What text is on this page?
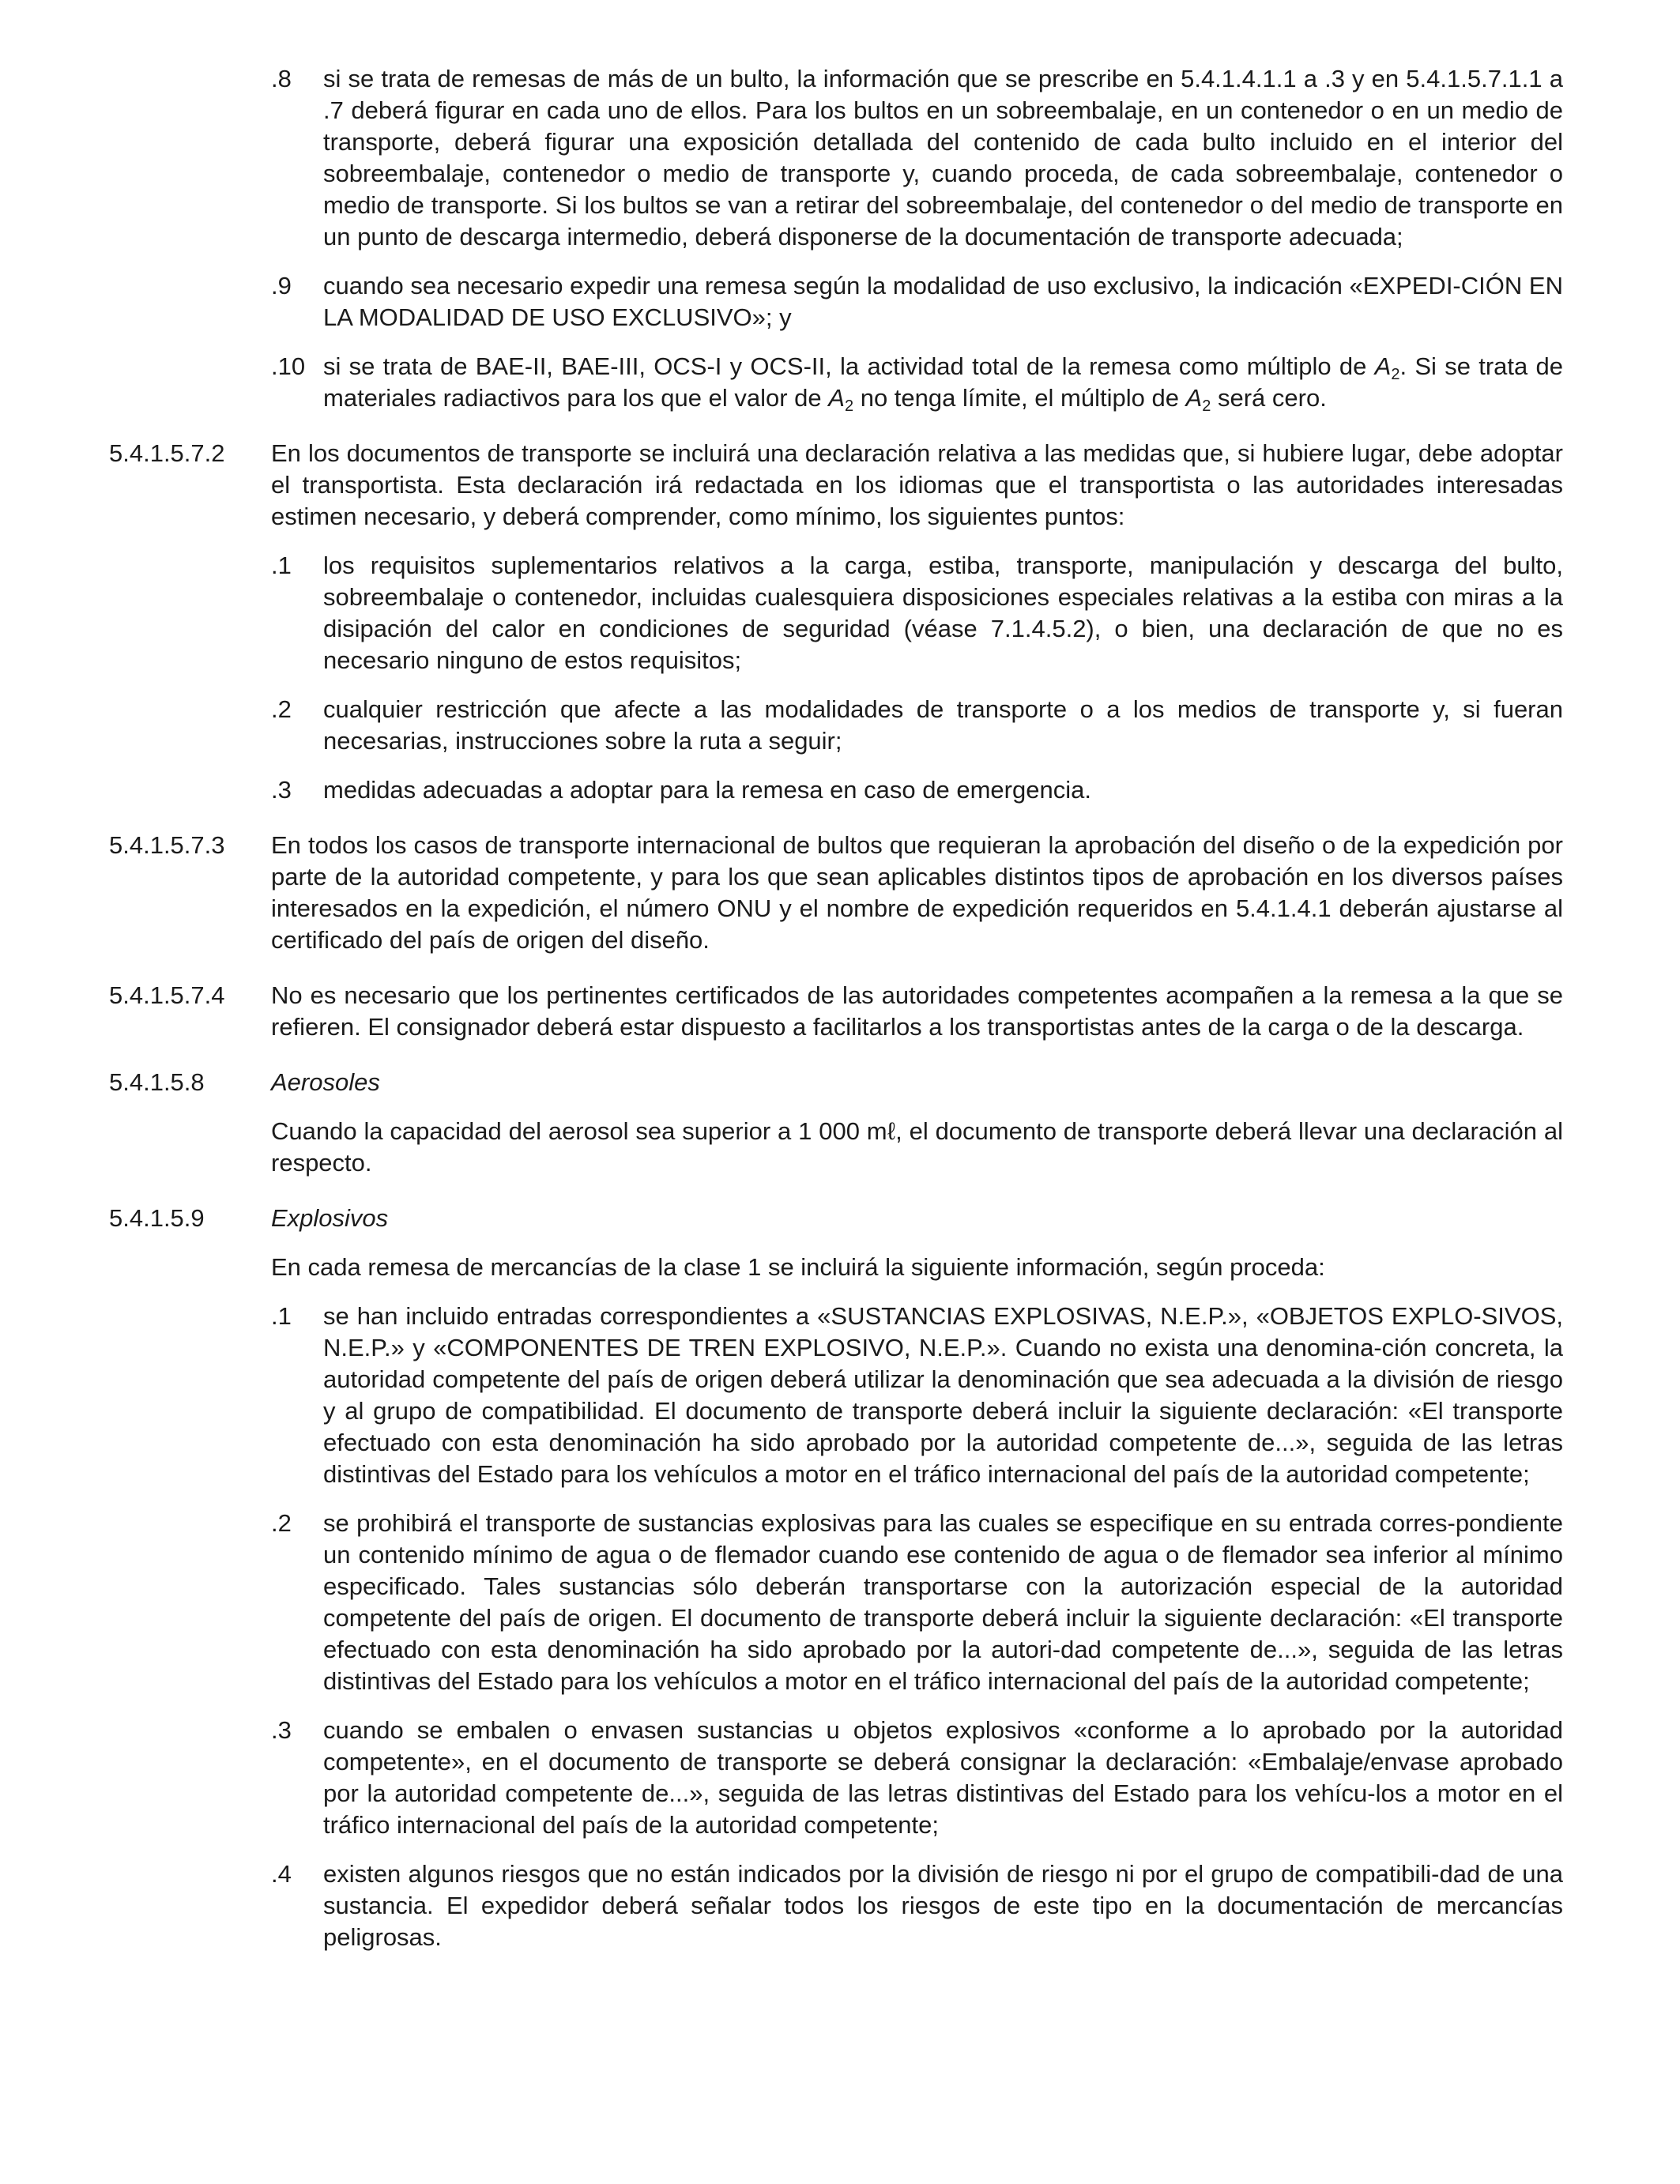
.8	si se trata de remesas de más de un bulto, la información que se prescribe en 5.4.1.4.1.1 a .3 y en 5.4.1.5.7.1.1 a .7 deberá figurar en cada uno de ellos. Para los bultos en un sobreembalaje, en un contenedor o en un medio de transporte, deberá figurar una exposición detallada del contenido de cada bulto incluido en el interior del sobreembalaje, contenedor o medio de transporte y, cuando proceda, de cada sobreembalaje, contenedor o medio de transporte. Si los bultos se van a retirar del sobreembalaje, del contenedor o del medio de transporte en un punto de descarga intermedio, deberá disponerse de la documentación de transporte adecuada;
.9	cuando sea necesario expedir una remesa según la modalidad de uso exclusivo, la indicación «EXPEDI-CIÓN EN LA MODALIDAD DE USO EXCLUSIVO»; y
.10 si se trata de BAE-II, BAE-III, OCS-I y OCS-II, la actividad total de la remesa como múltiplo de $A_2$. Si se trata de materiales radiactivos para los que el valor de $A_2$ no tenga límite, el múltiplo de $A_2$ será cero.
5.4.1.5.7.2	En los documentos de transporte se incluirá una declaración relativa a las medidas que, si hubiere lugar, debe adoptar el transportista. Esta declaración irá redactada en los idiomas que el transportista o las autoridades interesadas estimen necesario, y deberá comprender, como mínimo, los siguientes puntos:
.1	los requisitos suplementarios relativos a la carga, estiba, transporte, manipulación y descarga del bulto, sobreembalaje o contenedor, incluidas cualesquiera disposiciones especiales relativas a la estiba con miras a la disipación del calor en condiciones de seguridad (véase 7.1.4.5.2), o bien, una declaración de que no es necesario ninguno de estos requisitos;
.2	cualquier restricción que afecte a las modalidades de transporte o a los medios de transporte y, si fueran necesarias, instrucciones sobre la ruta a seguir;
.3	medidas adecuadas a adoptar para la remesa en caso de emergencia.
5.4.1.5.7.3	En todos los casos de transporte internacional de bultos que requieran la aprobación del diseño o de la expedición por parte de la autoridad competente, y para los que sean aplicables distintos tipos de aprobación en los diversos países interesados en la expedición, el número ONU y el nombre de expedición requeridos en 5.4.1.4.1 deberán ajustarse al certificado del país de origen del diseño.
5.4.1.5.7.4	No es necesario que los pertinentes certificados de las autoridades competentes acompañen a la remesa a la que se refieren. El consignador deberá estar dispuesto a facilitarlos a los transportistas antes de la carga o de la descarga.
5.4.1.5.8	Aerosoles
Cuando la capacidad del aerosol sea superior a 1 000 mℓ, el documento de transporte deberá llevar una declaración al respecto.
5.4.1.5.9	Explosivos
En cada remesa de mercancías de la clase 1 se incluirá la siguiente información, según proceda:
.1	se han incluido entradas correspondientes a «SUSTANCIAS EXPLOSIVAS, N.E.P.», «OBJETOS EXPLO-SIVOS, N.E.P.» y «COMPONENTES DE TREN EXPLOSIVO, N.E.P.». Cuando no exista una denomina-ción concreta, la autoridad competente del país de origen deberá utilizar la denominación que sea adecuada a la división de riesgo y al grupo de compatibilidad. El documento de transporte deberá incluir la siguiente declaración: «El transporte efectuado con esta denominación ha sido aprobado por la autoridad competente de...», seguida de las letras distintivas del Estado para los vehículos a motor en el tráfico internacional del país de la autoridad competente;
.2	se prohibirá el transporte de sustancias explosivas para las cuales se especifique en su entrada corres-pondiente un contenido mínimo de agua o de flemador cuando ese contenido de agua o de flemador sea inferior al mínimo especificado. Tales sustancias sólo deberán transportarse con la autorización especial de la autoridad competente del país de origen. El documento de transporte deberá incluir la siguiente declaración: «El transporte efectuado con esta denominación ha sido aprobado por la autori-dad competente de...», seguida de las letras distintivas del Estado para los vehículos a motor en el tráfico internacional del país de la autoridad competente;
.3	cuando se embalen o envasen sustancias u objetos explosivos «conforme a lo aprobado por la autoridad competente», en el documento de transporte se deberá consignar la declaración: «Embalaje/envase aprobado por la autoridad competente de...», seguida de las letras distintivas del Estado para los vehícu-los a motor en el tráfico internacional del país de la autoridad competente;
.4	existen algunos riesgos que no están indicados por la división de riesgo ni por el grupo de compatibili-dad de una sustancia. El expedidor deberá señalar todos los riesgos de este tipo en la documentación de mercancías peligrosas.
